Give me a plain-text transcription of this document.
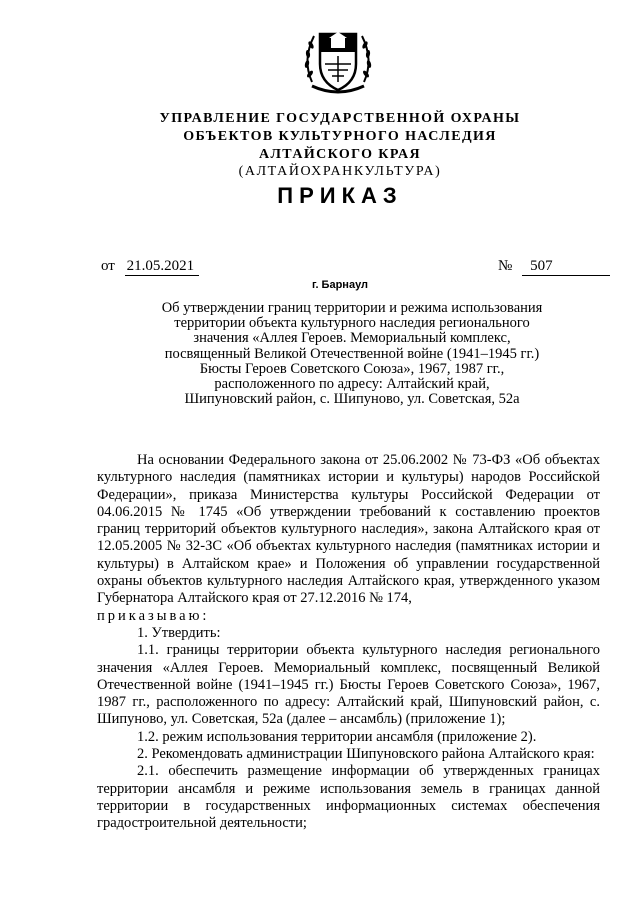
УПРАВЛЕНИЕ ГОСУДАРСТВЕННОЙ ОХРАНЫ
ОБЪЕКТОВ КУЛЬТУРНОГО НАСЛЕДИЯ
АЛТАЙСКОГО КРАЯ
(АЛТАЙОХРАНКУЛЬТУРА)
ПРИКАЗ
от 21.05.2021	№ 507
г. Барнаул
Об утверждении границ территории и режима использования
территории объекта культурного наследия регионального
значения «Аллея Героев. Мемориальный комплекс,
посвященный Великой Отечественной войне (1941–1945 гг.)
Бюсты Героев Советского Союза», 1967, 1987 гг.,
расположенного по адресу: Алтайский край,
Шипуновский район, с. Шипуново, ул. Советская, 52а

На основании Федерального закона от 25.06.2002 № 73-ФЗ «Об объектах культурного наследия (памятниках истории и культуры) народов Российской Федерации», приказа Министерства культуры Российской Федерации от 04.06.2015 № 1745 «Об утверждении требований к составлению проектов границ территорий объектов культурного наследия», закона Алтайского края от 12.05.2005 № 32-ЗС «Об объектах культурного наследия (памятниках истории и культуры) в Алтайском крае» и Положения об управлении государственной охраны объектов культурного наследия Алтайского края, утвержденного указом Губернатора Алтайского края от 27.12.2016 № 174,

приказываю:

1. Утвердить:

1.1. границы территории объекта культурного наследия регионального значения «Аллея Героев. Мемориальный комплекс, посвященный Великой Отечественной войне (1941–1945 гг.) Бюсты Героев Советского Союза», 1967, 1987 гг., расположенного по адресу: Алтайский край, Шипуновский район, с. Шипуново, ул. Советская, 52а (далее – ансамбль) (приложение 1);

1.2. режим использования территории ансамбля (приложение 2).

2. Рекомендовать администрации Шипуновского района Алтайского края:

2.1. обеспечить размещение информации об утвержденных границах территории ансамбля и режиме использования земель в границах данной территории в государственных информационных системах обеспечения градостроительной деятельности;
